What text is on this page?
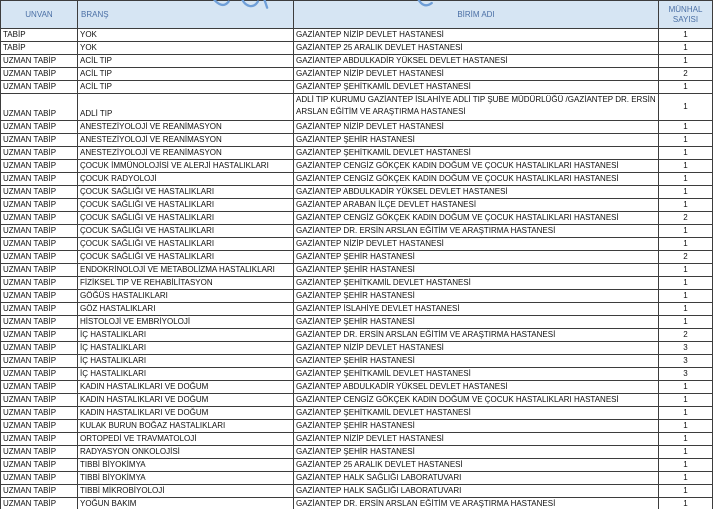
UNVAN	BRANŞ	BİRİM ADI	MÜNHAL SAYISI
TABİP	YOK	GAZİANTEP NİZİP DEVLET HASTANESİ	1
TABİP	YOK	GAZİANTEP 25 ARALIK DEVLET HASTANESİ	1
UZMAN TABİP	ACİL TIP	GAZİANTEP ABDULKADİR YÜKSEL DEVLET HASTANESİ	1
UZMAN TABİP	ACİL TIP	GAZİANTEP NİZİP DEVLET HASTANESİ	2
UZMAN TABİP	ACİL TIP	GAZİANTEP ŞEHİTKAMİL DEVLET HASTANESİ	1
UZMAN TABİP	ADLİ TIP	ADLİ TIP KURUMU GAZİANTEP İSLAHİYE ADLİ TIP ŞUBE MÜDÜRLÜĞÜ /GAZİANTEP DR. ERSİN ARSLAN EĞİTİM VE ARAŞTIRMA HASTANESİ	1
UZMAN TABİP	ANESTEZİYOLOJİ VE REANİMASYON	GAZİANTEP NİZİP DEVLET HASTANESİ	1
UZMAN TABİP	ANESTEZİYOLOJİ VE REANİMASYON	GAZİANTEP ŞEHİR HASTANESİ	1
UZMAN TABİP	ANESTEZİYOLOJİ VE REANİMASYON	GAZİANTEP ŞEHİTKAMİL DEVLET HASTANESİ	1
UZMAN TABİP	ÇOCUK İMMÜNOLOJİSİ VE ALERJİ HASTALIKLARI	GAZİANTEP CENGİZ GÖKÇEK KADIN DOĞUM VE ÇOCUK HASTALIKLARI HASTANESİ	1
UZMAN TABİP	ÇOCUK RADYOLOJİ	GAZİANTEP CENGİZ GÖKÇEK KADIN DOĞUM VE ÇOCUK HASTALIKLARI HASTANESİ	1
UZMAN TABİP	ÇOCUK SAĞLIĞI VE HASTALIKLARI	GAZİANTEP ABDULKADİR YÜKSEL DEVLET HASTANESİ	1
UZMAN TABİP	ÇOCUK SAĞLIĞI VE HASTALIKLARI	GAZİANTEP ARABAN İLÇE DEVLET HASTANESİ	1
UZMAN TABİP	ÇOCUK SAĞLIĞI VE HASTALIKLARI	GAZİANTEP CENGİZ GÖKÇEK KADIN DOĞUM VE ÇOCUK HASTALIKLARI HASTANESİ	2
UZMAN TABİP	ÇOCUK SAĞLIĞI VE HASTALIKLARI	GAZİANTEP DR. ERSİN ARSLAN EĞİTİM VE ARAŞTIRMA HASTANESİ	1
UZMAN TABİP	ÇOCUK SAĞLIĞI VE HASTALIKLARI	GAZİANTEP NİZİP DEVLET HASTANESİ	1
UZMAN TABİP	ÇOCUK SAĞLIĞI VE HASTALIKLARI	GAZİANTEP ŞEHİR HASTANESİ	2
UZMAN TABİP	ENDOKRİNOLOJİ VE METABOLİZMA HASTALIKLARI	GAZİANTEP ŞEHİR HASTANESİ	1
UZMAN TABİP	FİZİKSEL TIP VE REHABİLİTASYON	GAZİANTEP ŞEHİTKAMİL DEVLET HASTANESİ	1
UZMAN TABİP	GÖĞÜS HASTALIKLARI	GAZİANTEP ŞEHİR HASTANESİ	1
UZMAN TABİP	GÖZ HASTALIKLARI	GAZİANTEP İSLAHİYE DEVLET HASTANESİ	1
UZMAN TABİP	HİSTOLOJİ VE EMBRİYOLOJİ	GAZİANTEP ŞEHİR HASTANESİ	1
UZMAN TABİP	İÇ HASTALIKLARI	GAZİANTEP DR. ERSİN ARSLAN EĞİTİM VE ARAŞTIRMA HASTANESİ	2
UZMAN TABİP	İÇ HASTALIKLARI	GAZİANTEP NİZİP DEVLET HASTANESİ	3
UZMAN TABİP	İÇ HASTALIKLARI	GAZİANTEP ŞEHİR HASTANESİ	3
UZMAN TABİP	İÇ HASTALIKLARI	GAZİANTEP ŞEHİTKAMİL DEVLET HASTANESİ	3
UZMAN TABİP	KADIN HASTALIKLARI VE DOĞUM	GAZİANTEP ABDULKADİR YÜKSEL DEVLET HASTANESİ	1
UZMAN TABİP	KADIN HASTALIKLARI VE DOĞUM	GAZİANTEP CENGİZ GÖKÇEK KADIN DOĞUM VE ÇOCUK HASTALIKLARI HASTANESİ	1
UZMAN TABİP	KADIN HASTALIKLARI VE DOĞUM	GAZİANTEP ŞEHİTKAMİL DEVLET HASTANESİ	1
UZMAN TABİP	KULAK BURUN BOĞAZ HASTALIKLARI	GAZİANTEP ŞEHİR HASTANESİ	1
UZMAN TABİP	ORTOPEDİ VE TRAVMATOLOJİ	GAZİANTEP NİZİP DEVLET HASTANESİ	1
UZMAN TABİP	RADYASYON ONKOLOJİSİ	GAZİANTEP ŞEHİR HASTANESİ	1
UZMAN TABİP	TIBBİ BİYOKİMYA	GAZİANTEP 25 ARALIK DEVLET HASTANESİ	1
UZMAN TABİP	TIBBİ BİYOKİMYA	GAZİANTEP HALK SAĞLIĞI LABORATUVARI	1
UZMAN TABİP	TIBBİ MİKROBİYOLOJİ	GAZİANTEP HALK SAĞLIĞI LABORATUVARI	1
UZMAN TABİP	YOĞUN BAKIM	GAZİANTEP DR. ERSİN ARSLAN EĞİTİM VE ARAŞTIRMA HASTANESİ	1
